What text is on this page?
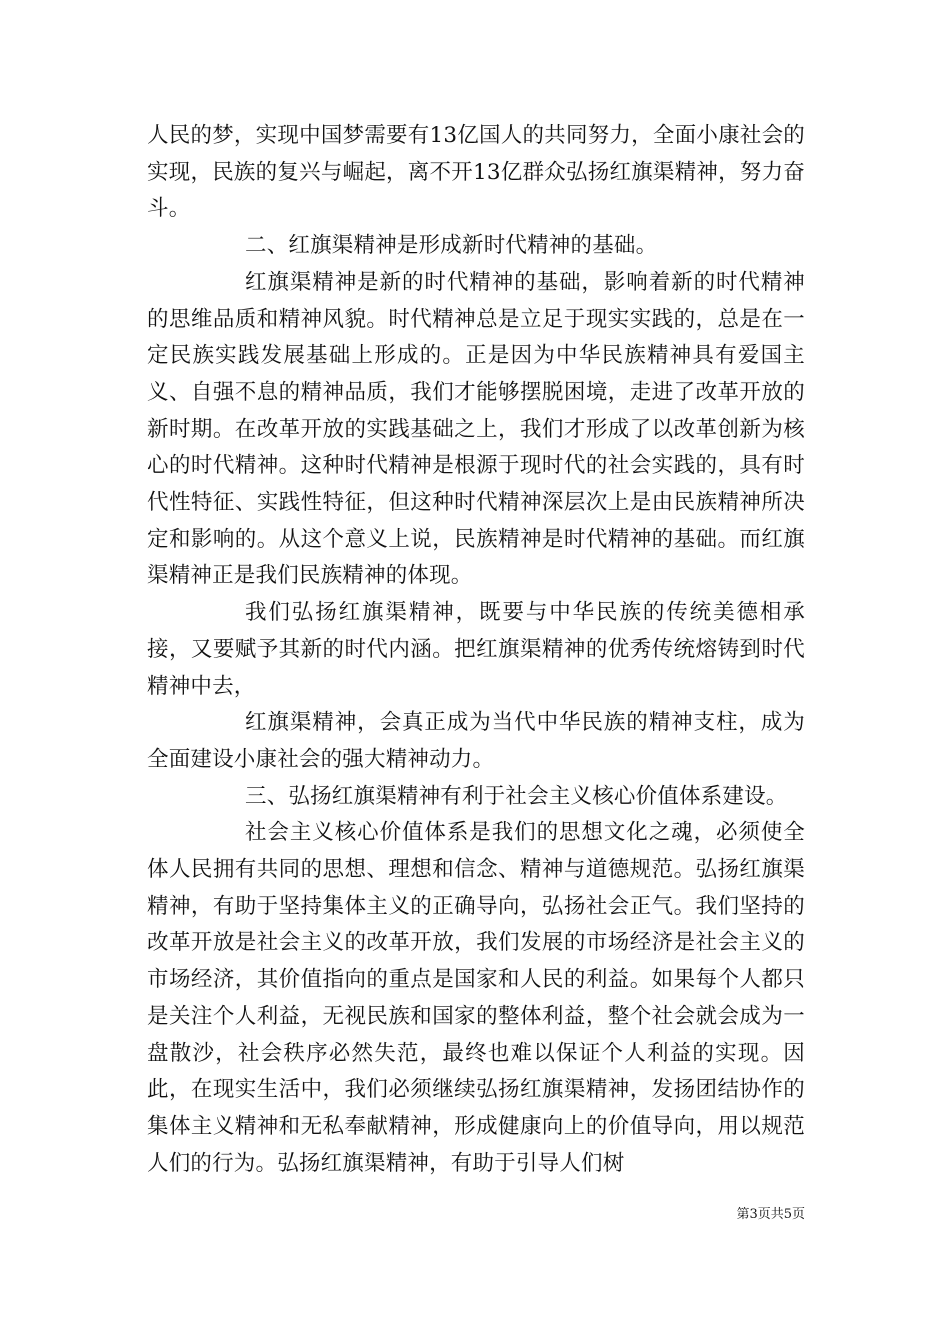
人民的梦，实现中国梦需要有13亿国人的共同努力，全面小康社会的实现，民族的复兴与崛起，离不开13亿群众弘扬红旗渠精神，努力奋斗。

二、红旗渠精神是形成新时代精神的基础。

红旗渠精神是新的时代精神的基础，影响着新的时代精神的思维品质和精神风貌。时代精神总是立足于现实实践的，总是在一定民族实践发展基础上形成的。正是因为中华民族精神具有爱国主义、自强不息的精神品质，我们才能够摆脱困境，走进了改革开放的新时期。在改革开放的实践基础之上，我们才形成了以改革创新为核心的时代精神。这种时代精神是根源于现时代的社会实践的，具有时代性特征、实践性特征，但这种时代精神深层次上是由民族精神所决定和影响的。从这个意义上说，民族精神是时代精神的基础。而红旗渠精神正是我们民族精神的体现。

我们弘扬红旗渠精神，既要与中华民族的传统美德相承接，又要赋予其新的时代内涵。把红旗渠精神的优秀传统熔铸到时代精神中去，

红旗渠精神，会真正成为当代中华民族的精神支柱，成为全面建设小康社会的强大精神动力。

三、弘扬红旗渠精神有利于社会主义核心价值体系建设。

社会主义核心价值体系是我们的思想文化之魂，必须使全体人民拥有共同的思想、理想和信念、精神与道德规范。弘扬红旗渠精神，有助于坚持集体主义的正确导向，弘扬社会正气。我们坚持的改革开放是社会主义的改革开放，我们发展的市场经济是社会主义的市场经济，其价值指向的重点是国家和人民的利益。如果每个人都只是关注个人利益，无视民族和国家的整体利益，整个社会就会成为一盘散沙，社会秩序必然失范，最终也难以保证个人利益的实现。因此，在现实生活中，我们必须继续弘扬红旗渠精神，发扬团结协作的集体主义精神和无私奉献精神，形成健康向上的价值导向，用以规范人们的行为。弘扬红旗渠精神，有助于引导人们树

第3页共5页
